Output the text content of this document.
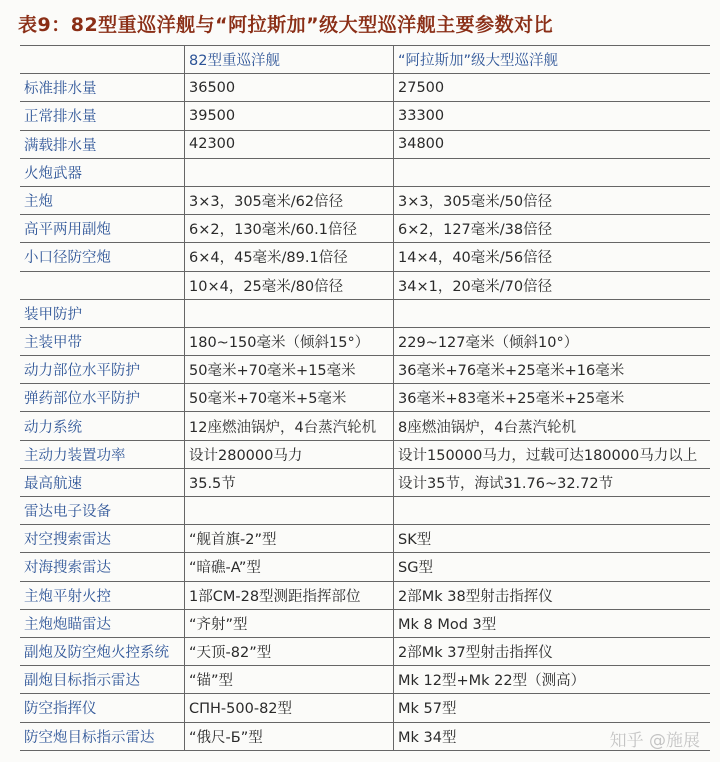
表9：82型重巡洋舰与“阿拉斯加”级大型巡洋舰主要参数对比
	82型重巡洋舰	“阿拉斯加”级大型巡洋舰
标准排水量	36500	27500
正常排水量	39500	33300
满载排水量	42300	34800
火炮武器		
主炮	3×3，305毫米/62倍径	3×3，305毫米/50倍径
高平两用副炮	6×2，130毫米/60.1倍径	6×2，127毫米/38倍径
小口径防空炮	6×4，45毫米/89.1倍径	14×4，40毫米/56倍径
	10×4，25毫米/80倍径	34×1，20毫米/70倍径
装甲防护		
主装甲带	180~150毫米（倾斜15°）	229~127毫米（倾斜10°）
动力部位水平防护	50毫米+70毫米+15毫米	36毫米+76毫米+25毫米+16毫米
弹药部位水平防护	50毫米+70毫米+5毫米	36毫米+83毫米+25毫米+25毫米
动力系统	12座燃油锅炉，4台蒸汽轮机	8座燃油锅炉，4台蒸汽轮机
主动力装置功率	设计280000马力	设计150000马力，过载可达180000马力以上
最高航速	35.5节	设计35节，海试31.76~32.72节
雷达电子设备		
对空搜索雷达	“舰首旗-2”型	SK型
对海搜索雷达	“暗礁-A”型	SG型
主炮平射火控	1部CM-28型测距指挥部位	2部Mk 38型射击指挥仪
主炮炮瞄雷达	“齐射”型	Mk 8 Mod 3型
副炮及防空炮火控系统	“天顶-82”型	2部Mk 37型射击指挥仪
副炮目标指示雷达	“锚”型	Mk 12型+Mk 22型（测高）
防空指挥仪	СПН-500-82型	Mk 57型
防空炮目标指示雷达	“俄尺-Б”型	Mk 34型	知乎 @施展
